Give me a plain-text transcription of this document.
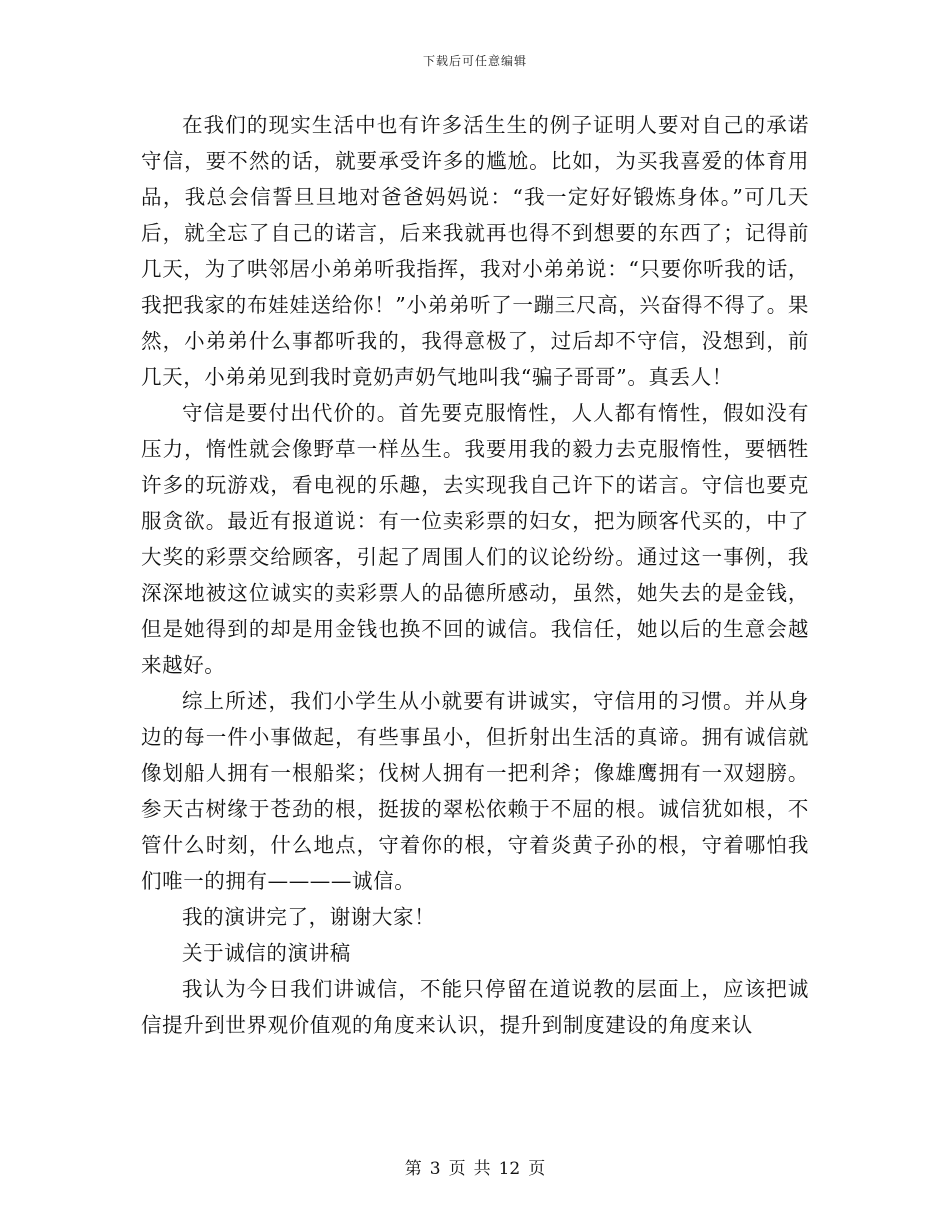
下载后可任意编辑

在我们的现实生活中也有许多活生生的例子证明人要对自己的承诺守信，要不然的话，就要承受许多的尴尬。比如，为买我喜爱的体育用品，我总会信誓旦旦地对爸爸妈妈说：“我一定好好锻炼身体。”可几天后，就全忘了自己的诺言，后来我就再也得不到想要的东西了；记得前几天，为了哄邻居小弟弟听我指挥，我对小弟弟说：“只要你听我的话，我把我家的布娃娃送给你！”小弟弟听了一蹦三尺高，兴奋得不得了。果然，小弟弟什么事都听我的，我得意极了，过后却不守信，没想到，前几天，小弟弟见到我时竟奶声奶气地叫我“骗子哥哥”。真丢人！

守信是要付出代价的。首先要克服惰性，人人都有惰性，假如没有压力，惰性就会像野草一样丛生。我要用我的毅力去克服惰性，要牺牲许多的玩游戏，看电视的乐趣，去实现我自己许下的诺言。守信也要克服贪欲。最近有报道说：有一位卖彩票的妇女，把为顾客代买的，中了大奖的彩票交给顾客，引起了周围人们的议论纷纷。通过这一事例，我深深地被这位诚实的卖彩票人的品德所感动，虽然，她失去的是金钱，但是她得到的却是用金钱也换不回的诚信。我信任，她以后的生意会越来越好。

综上所述，我们小学生从小就要有讲诚实，守信用的习惯。并从身边的每一件小事做起，有些事虽小，但折射出生活的真谛。拥有诚信就像划船人拥有一根船桨；伐树人拥有一把利斧；像雄鹰拥有一双翅膀。参天古树缘于苍劲的根，挺拔的翠松依赖于不屈的根。诚信犹如根，不管什么时刻，什么地点，守着你的根，守着炎黄子孙的根，守着哪怕我们唯一的拥有————诚信。

我的演讲完了，谢谢大家！

关于诚信的演讲稿

我认为今日我们讲诚信，不能只停留在道说教的层面上，应该把诚信提升到世界观价值观的角度来认识，提升到制度建设的角度来认

第 3 页 共 12 页
